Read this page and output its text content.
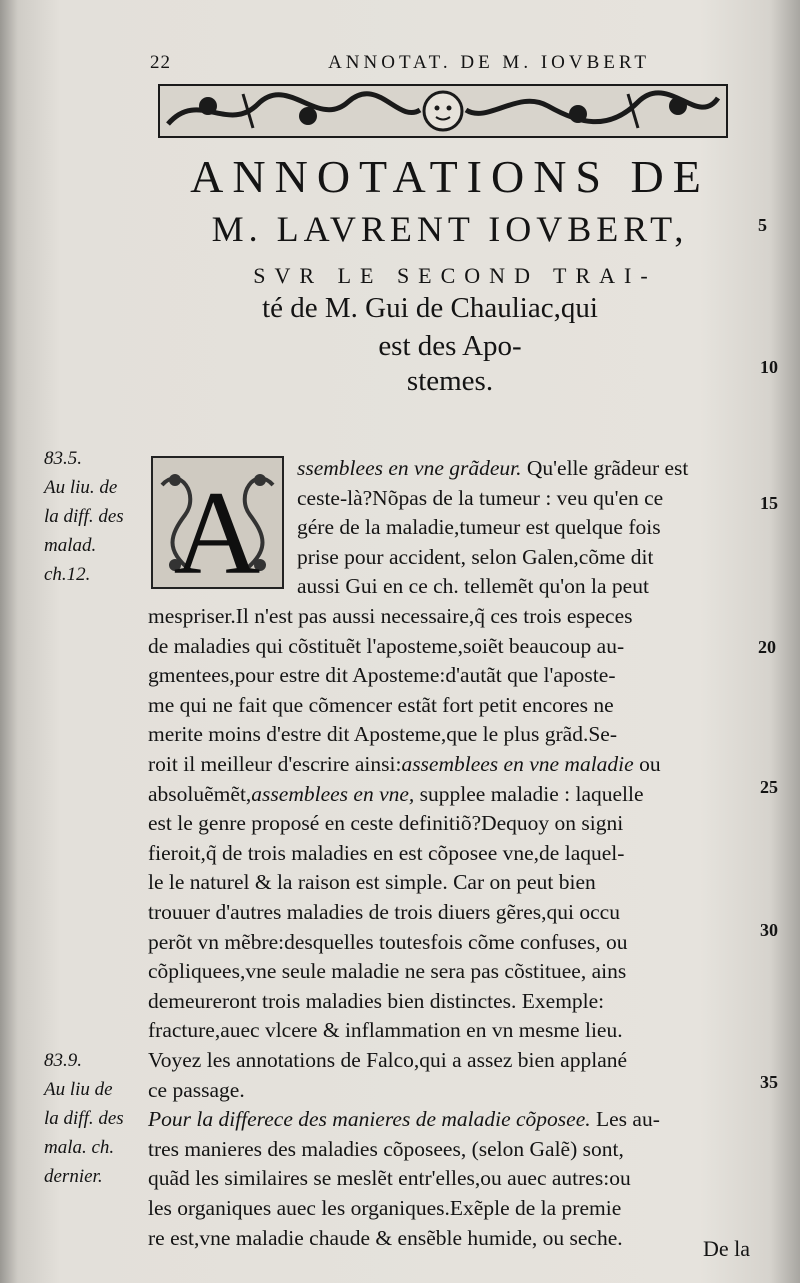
22	ANNOTAT. DE M. IOVBERT
ANNOTATIONS DE
M. LAVRENT IOVBERT,
SVR LE SECOND TRAI-
té de M. Gui de Chauliac,qui
est des Apo-
stemes.
5
10
15
20
25
30
35
83.5.
Au liu. de
la diff. des
malad.
ch.12.
83.9.
Au liu de
la diff. des
mala. ch.
dernier.
A ssemblees en vne grãdeur. Qu'elle grãdeur est
ceste-là?Nõpas de la tumeur : veu qu'en ce
gére de la maladie,tumeur est quelque fois
prise pour accident, selon Galen,cõme dit
aussi Gui en ce ch. tellemẽt qu'on la peut
mespriser.Il n'est pas aussi necessaire,q̃ ces trois especes
de maladies qui cõstituẽt l'aposteme,soiẽt beaucoup au-
gmentees,pour estre dit Aposteme:d'autãt que l'aposte-
me qui ne fait que cõmencer estãt fort petit encores ne
merite moins d'estre dit Aposteme,que le plus grãd.Se-
roit il meilleur d'escrire ainsi:assemblees en vne maladie ou
absoluẽmẽt,assemblees en vne, supplee maladie : laquelle
est le genre proposé en ceste definitiõ?Dequoy on signi
fieroit,q̃ de trois maladies en est cõposee vne,de laquel-
le le naturel & la raison est simple. Car on peut bien
trouuer d'autres maladies de trois diuers gẽres,qui occu
perõt vn mẽbre:desquelles toutesfois cõme confuses, ou
cõpliquees,vne seule maladie ne sera pas cõstituee, ains
demeureront trois maladies bien distinctes. Exemple:
fracture,auec vlcere & inflammation en vn mesme lieu.
Voyez les annotations de Falco,qui a assez bien applané
ce passage.
Pour la differece des manieres de maladie cõposee. Les au-
tres manieres des maladies cõposees, (selon Galẽ) sont,
quãd les similaires se meslẽt entr'elles,ou auec autres:ou
les organiques auec les organiques.Exẽple de la premie
re est,vne maladie chaude & ensẽble humide, ou seche.	De la
